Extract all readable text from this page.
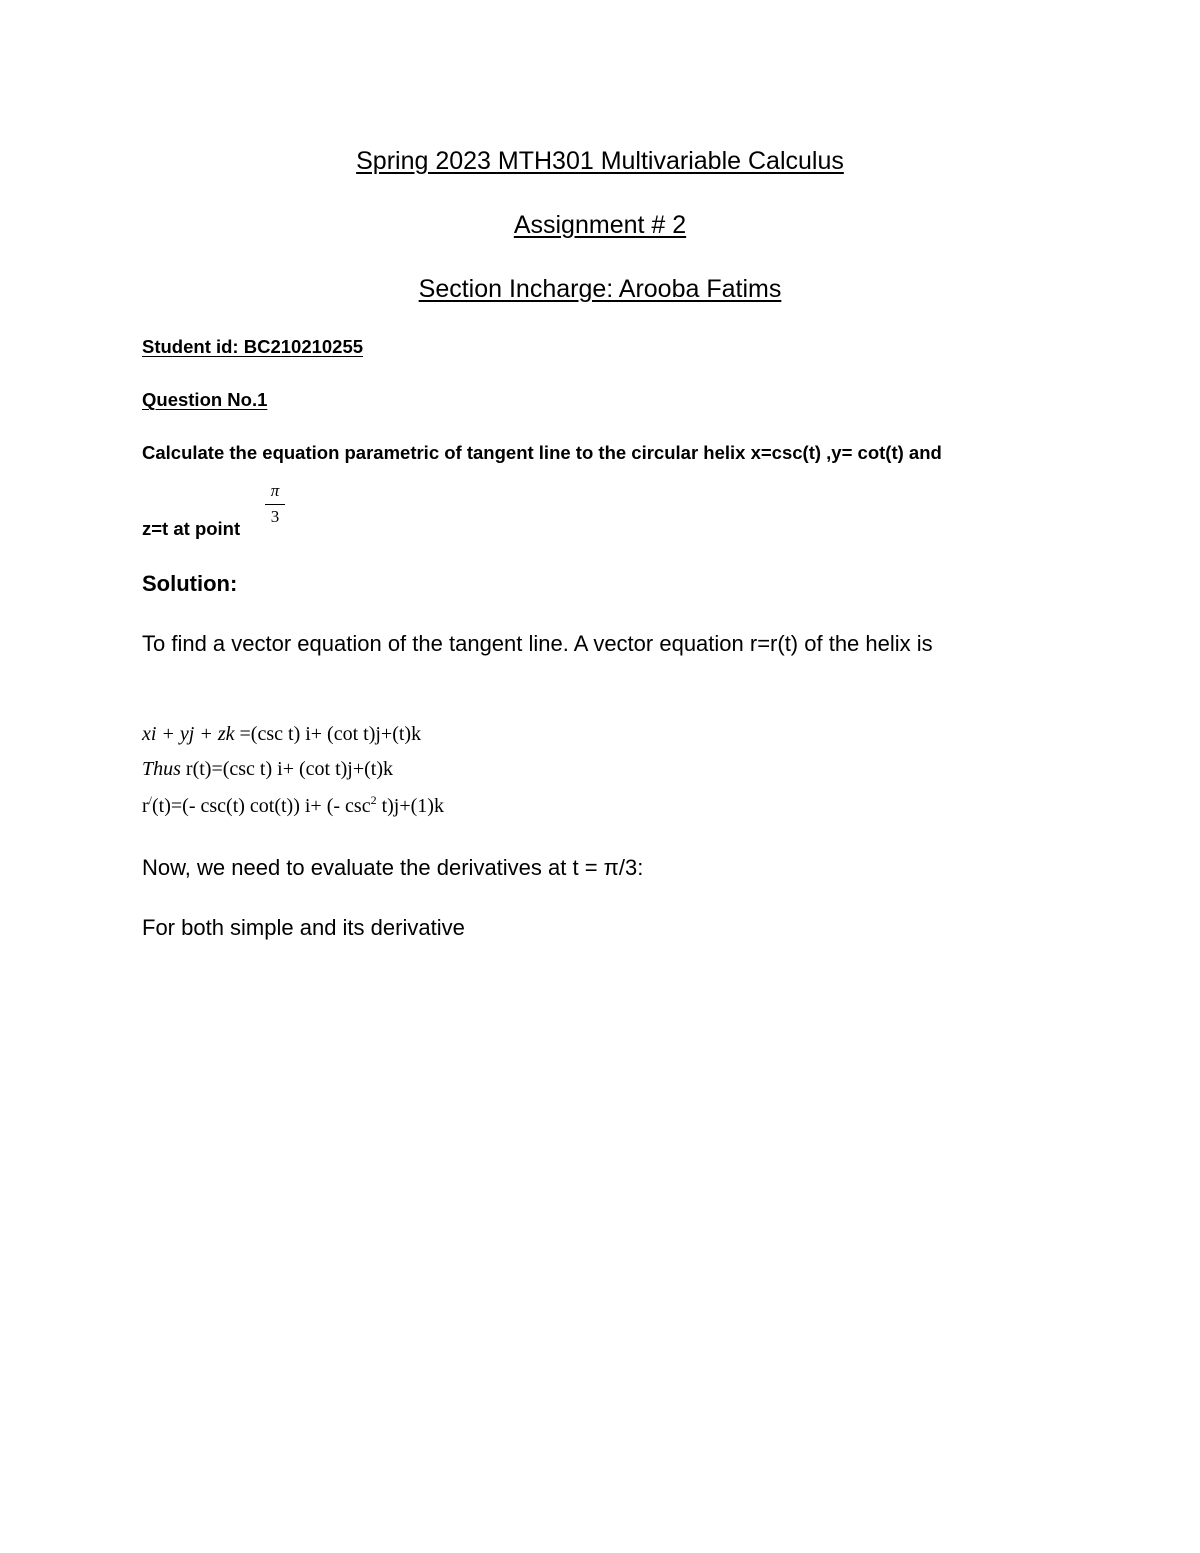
Spring 2023 MTH301 Multivariable Calculus
Assignment # 2
Section Incharge: Arooba Fatims
Student id: BC210210255
Question No.1
Calculate the equation parametric of tangent line to the circular helix x=csc(t) ,y= cot(t) and
z=t at point
π
3
Solution:
To find a vector equation of the tangent line. A vector equation r=r(t) of the helix is
xi + yj + zk =(csc t) i+ (cot t)j+(t)k
Thus r(t)=(csc t) i+ (cot t)j+(t)k
r/(t)=(- csc(t) cot(t)) i+ (- $\csc^2 t)j+(1)k$
Now, we need to evaluate the derivatives at t = π/3:
For both simple and its derivative
